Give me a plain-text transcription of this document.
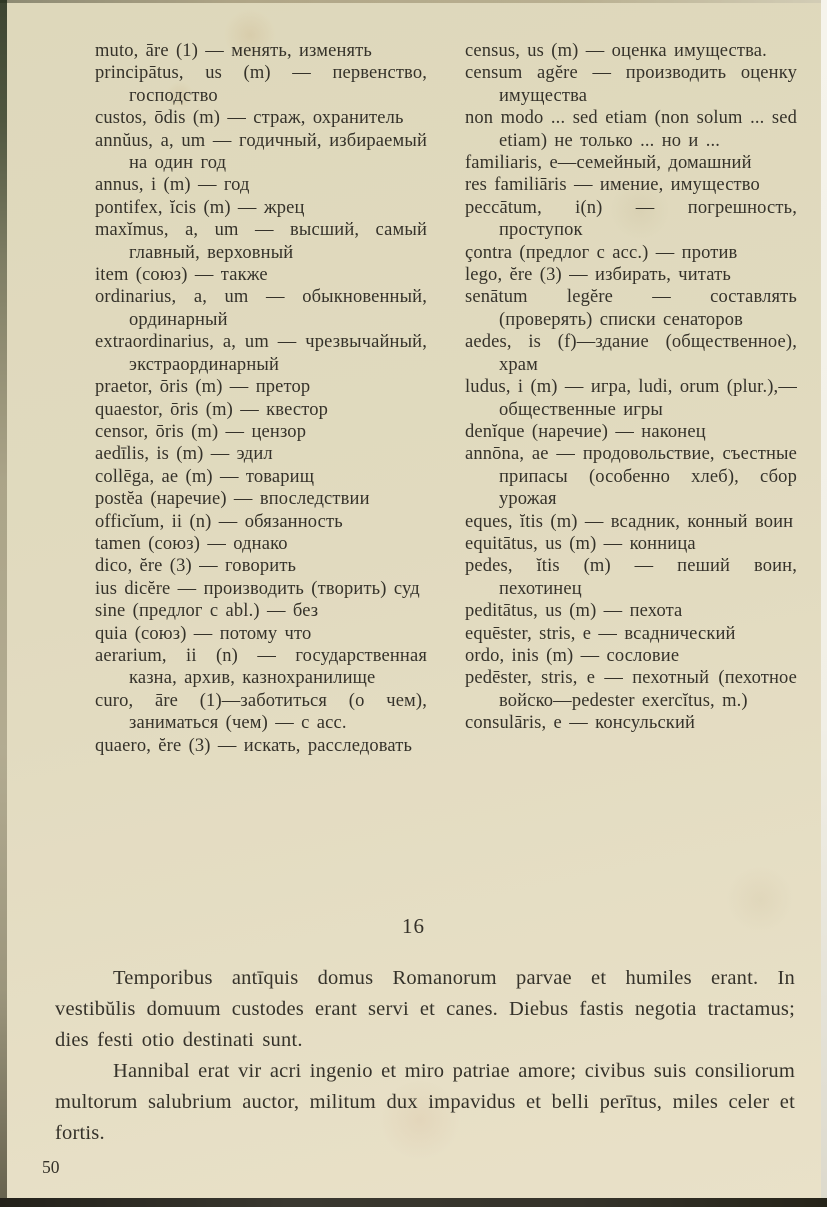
muto, āre (1) — менять, изменять
principātus, us (m) — первенство, господство
custos, ōdis (m) — страж, охранитель
annŭus, a, um — годичный, избираемый на один год
annus, i (m) — год
pontifex, ĭcis (m) — жрец
maxĭmus, a, um — высший, самый главный, верховный
item (союз) — также
ordinarius, a, um — обыкновенный, ординарный
extraordinarius, a, um — чрезвычайный, экстраординарный
praetor, ōris (m) — претор
quaestor, ōris (m) — квестор
censor, ōris (m) — цензор
aedīlis, is (m) — эдил
collēga, ae (m) — товарищ
postĕa (наречие) — впоследствии
officĭum, ii (n) — обязанность
tamen (союз) — однако
dico, ĕre (3) — говорить
ius dicĕre — производить (творить) суд
sine (предлог с abl.) — без
quia (союз) — потому что
aerarium, ii (n) — государственная казна, архив, казнохранилище
curo, āre (1)—заботиться (о чем), заниматься (чем) — с acc.
quaero, ĕre (3) — искать, расследовать
census, us (m) — оценка имущества.
censum agĕre — производить оценку имущества
non modo ... sed etiam (non solum ... sed etiam) не только ... но и ...
familiaris, e—семейный, домашний
res familiāris — имение, имущество
peccātum, i(n) — погрешность, проступок
çontra (предлог с acc.) — против
lego, ĕre (3) — избирать, читать
senātum legĕre — составлять (проверять) списки сенаторов
aedes, is (f)—здание (общественное), храм
ludus, i (m) — игра, ludi, orum (plur.),—общественные игры
denĭque (наречие) — наконец
annōna, ae — продовольствие, съестные припасы (особенно хлеб), сбор урожая
eques, ĭtis (m) — всадник, конный воин
equitātus, us (m) — конница
pedes, ĭtis (m) — пеший воин, пехотинец
peditātus, us (m) — пехота
equēster, stris, e — всаднический
ordo, inis (m) — сословие
pedēster, stris, e — пехотный (пехотное войско—pedester exercĭtus, m.)
consulāris, e — консульский
16

Temporibus antīquis domus Romanorum parvae et humiles erant. In vestibŭlis domuum custodes erant servi et canes. Diebus fastis negotia tractamus; dies festi otio destinati sunt.

Hannibal erat vir acri ingenio et miro patriae amore; civibus suis consiliorum multorum salubrium auctor, militum dux impavidus et belli perītus, miles celer et fortis.

50
